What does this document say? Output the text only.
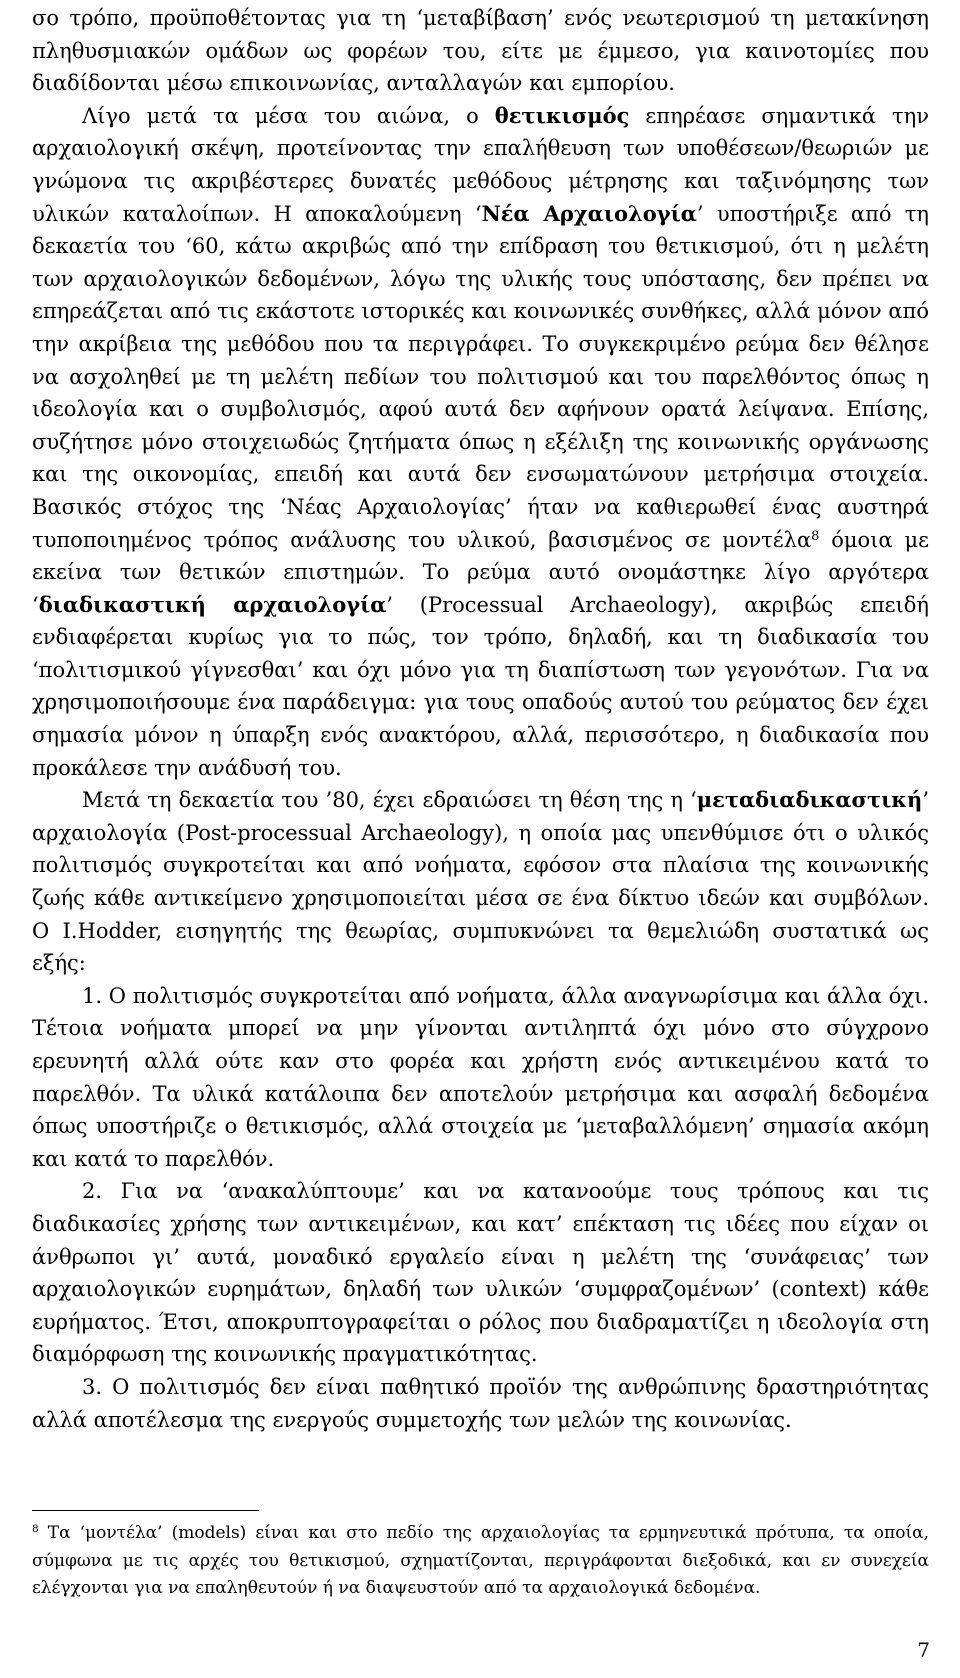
σο τρόπο, προϋποθέτοντας για τη ‘μεταβίβαση’ ενός νεωτερισμού τη μετακίνηση πληθυσμιακών ομάδων ως φορέων του, είτε με έμμεσο, για καινοτομίες που διαδίδονται μέσω επικοινωνίας, ανταλλαγών και εμπορίου.

Λίγο μετά τα μέσα του αιώνα, ο θετικισμός επηρέασε σημαντικά την αρχαιολογική σκέψη, προτείνοντας την επαλήθευση των υποθέσεων/θεωριών με γνώμονα τις ακριβέστερες δυνατές μεθόδους μέτρησης και ταξινόμησης των υλικών καταλοίπων. Η αποκαλούμενη ‘Νέα Αρχαιολογία’ υποστήριξε από τη δεκαετία του ‘60, κάτω ακριβώς από την επίδραση του θετικισμού, ότι η μελέτη των αρχαιολογικών δεδομένων, λόγω της υλικής τους υπόστασης, δεν πρέπει να επηρεάζεται από τις εκάστοτε ιστορικές και κοινωνικές συνθήκες, αλλά μόνον από την ακρίβεια της μεθόδου που τα περιγράφει. Το συγκεκριμένο ρεύμα δεν θέλησε να ασχοληθεί με τη μελέτη πεδίων του πολιτισμού και του παρελθόντος όπως η ιδεολογία και ο συμβολισμός, αφού αυτά δεν αφήνουν ορατά λείψανα. Επίσης, συζήτησε μόνο στοιχειωδώς ζητήματα όπως η εξέλιξη της κοινωνικής οργάνωσης και της οικονομίας, επειδή και αυτά δεν ενσωματώνουν μετρήσιμα στοιχεία. Βασικός στόχος της ‘Νέας Αρχαιολογίας’ ήταν να καθιερωθεί ένας αυστηρά τυποποιημένος τρόπος ανάλυσης του υλικού, βασισμένος σε μοντέλα$^8$ όμοια με εκείνα των θετικών επιστημών. Το ρεύμα αυτό ονομάστηκε λίγο αργότερα ‘διαδικαστική αρχαιολογία’ (Processual Archaeology), ακριβώς επειδή ενδιαφέρεται κυρίως για το πώς, τον τρόπο, δηλαδή, και τη διαδικασία του ‘πολιτισμικού γίγνεσθαι’ και όχι μόνο για τη διαπίστωση των γεγονότων. Για να χρησιμοποιήσουμε ένα παράδειγμα: για τους οπαδούς αυτού του ρεύματος δεν έχει σημασία μόνον η ύπαρξη ενός ανακτόρου, αλλά, περισσότερο, η διαδικασία που προκάλεσε την ανάδυσή του.

Μετά τη δεκαετία του ’80, έχει εδραιώσει τη θέση της η ‘μεταδιαδικαστική’ αρχαιολογία (Post-processual Archaeology), η οποία μας υπενθύμισε ότι ο υλικός πολιτισμός συγκροτείται και από νοήματα, εφόσον στα πλαίσια της κοινωνικής ζωής κάθε αντικείμενο χρησιμοποιείται μέσα σε ένα δίκτυο ιδεών και συμβόλων. Ο I.Hodder, εισηγητής της θεωρίας, συμπυκνώνει τα θεμελιώδη συστατικά ως εξής:

1. Ο πολιτισμός συγκροτείται από νοήματα, άλλα αναγνωρίσιμα και άλλα όχι. Τέτοια νοήματα μπορεί να μην γίνονται αντιληπτά όχι μόνο στο σύγχρονο ερευνητή αλλά ούτε καν στο φορέα και χρήστη ενός αντικειμένου κατά το παρελθόν. Τα υλικά κατάλοιπα δεν αποτελούν μετρήσιμα και ασφαλή δεδομένα όπως υποστήριζε ο θετικισμός, αλλά στοιχεία με ‘μεταβαλλόμενη’ σημασία ακόμη και κατά το παρελθόν.

2. Για να ‘ανακαλύπτουμε’ και να κατανοούμε τους τρόπους και τις διαδικασίες χρήσης των αντικειμένων, και κατ’ επέκταση τις ιδέες που είχαν οι άνθρωποι γι’ αυτά, μοναδικό εργαλείο είναι η μελέτη της ‘συνάφειας’ των αρχαιολογικών ευρημάτων, δηλαδή των υλικών ‘συμφραζομένων’ (context) κάθε ευρήματος. Έτσι, αποκρυπτογραφείται ο ρόλος που διαδραματίζει η ιδεολογία στη διαμόρφωση της κοινωνικής πραγματικότητας.

3. Ο πολιτισμός δεν είναι παθητικό προϊόν της ανθρώπινης δραστηριότητας αλλά αποτέλεσμα της ενεργούς συμμετοχής των μελών της κοινωνίας.

$^8$ Τα ‘μοντέλα’ (models) είναι και στο πεδίο της αρχαιολογίας τα ερμηνευτικά πρότυπα, τα οποία, σύμφωνα με τις αρχές του θετικισμού, σχηματίζονται, περιγράφονται διεξοδικά, και εν συνεχεία ελέγχονται για να επαληθευτούν ή να διαψευστούν από τα αρχαιολογικά δεδομένα.

7
